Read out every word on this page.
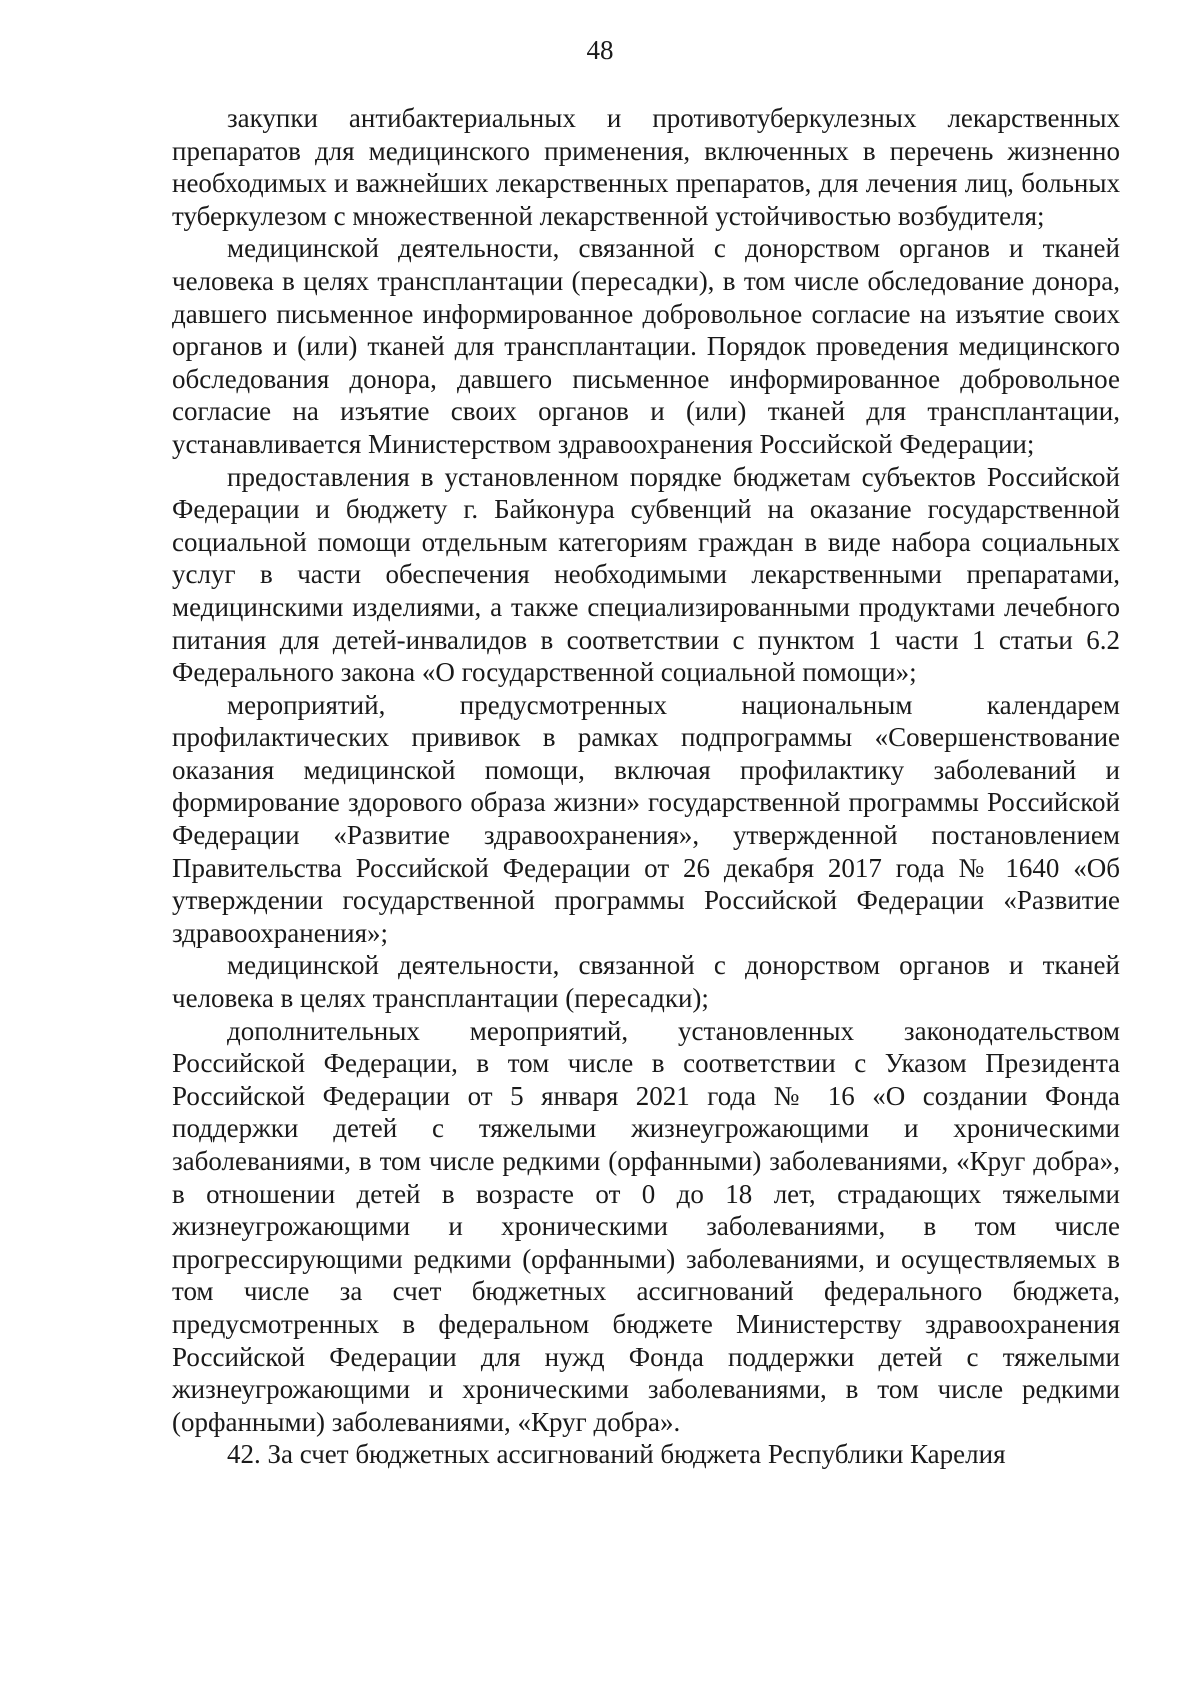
48

закупки антибактериальных и противотуберкулезных лекарственных препаратов для медицинского применения, включенных в перечень жизненно необходимых и важнейших лекарственных препаратов, для лечения лиц, больных туберкулезом с множественной лекарственной устойчивостью возбудителя;

медицинской деятельности, связанной с донорством органов и тканей человека в целях трансплантации (пересадки), в том числе обследование донора, давшего письменное информированное добровольное согласие на изъятие своих органов и (или) тканей для трансплантации. Порядок проведения медицинского обследования донора, давшего письменное информированное добровольное согласие на изъятие своих органов и (или) тканей для трансплантации, устанавливается Министерством здравоохранения Российской Федерации;

предоставления в установленном порядке бюджетам субъектов Российской Федерации и бюджету г. Байконура субвенций на оказание государственной социальной помощи отдельным категориям граждан в виде набора социальных услуг в части обеспечения необходимыми лекарственными препаратами, медицинскими изделиями, а также специализированными продуктами лечебного питания для детей-инвалидов в соответствии с пунктом 1 части 1 статьи 6.2 Федерального закона «О государственной социальной помощи»;

мероприятий, предусмотренных национальным календарем профилактических прививок в рамках подпрограммы «Совершенствование оказания медицинской помощи, включая профилактику заболеваний и формирование здорового образа жизни» государственной программы Российской Федерации «Развитие здравоохранения», утвержденной постановлением Правительства Российской Федерации от 26 декабря 2017 года № 1640 «Об утверждении государственной программы Российской Федерации «Развитие здравоохранения»;

медицинской деятельности, связанной с донорством органов и тканей человека в целях трансплантации (пересадки);

дополнительных мероприятий, установленных законодательством Российской Федерации, в том числе в соответствии с Указом Президента Российской Федерации от 5 января 2021 года № 16 «О создании Фонда поддержки детей с тяжелыми жизнеугрожающими и хроническими заболеваниями, в том числе редкими (орфанными) заболеваниями, «Круг добра», в отношении детей в возрасте от 0 до 18 лет, страдающих тяжелыми жизнеугрожающими и хроническими заболеваниями, в том числе прогрессирующими редкими (орфанными) заболеваниями, и осуществляемых в том числе за счет бюджетных ассигнований федерального бюджета, предусмотренных в федеральном бюджете Министерству здравоохранения Российской Федерации для нужд Фонда поддержки детей с тяжелыми жизнеугрожающими и хроническими заболеваниями, в том числе редкими (орфанными) заболеваниями, «Круг добра».

42. За счет бюджетных ассигнований бюджета Республики Карелия
